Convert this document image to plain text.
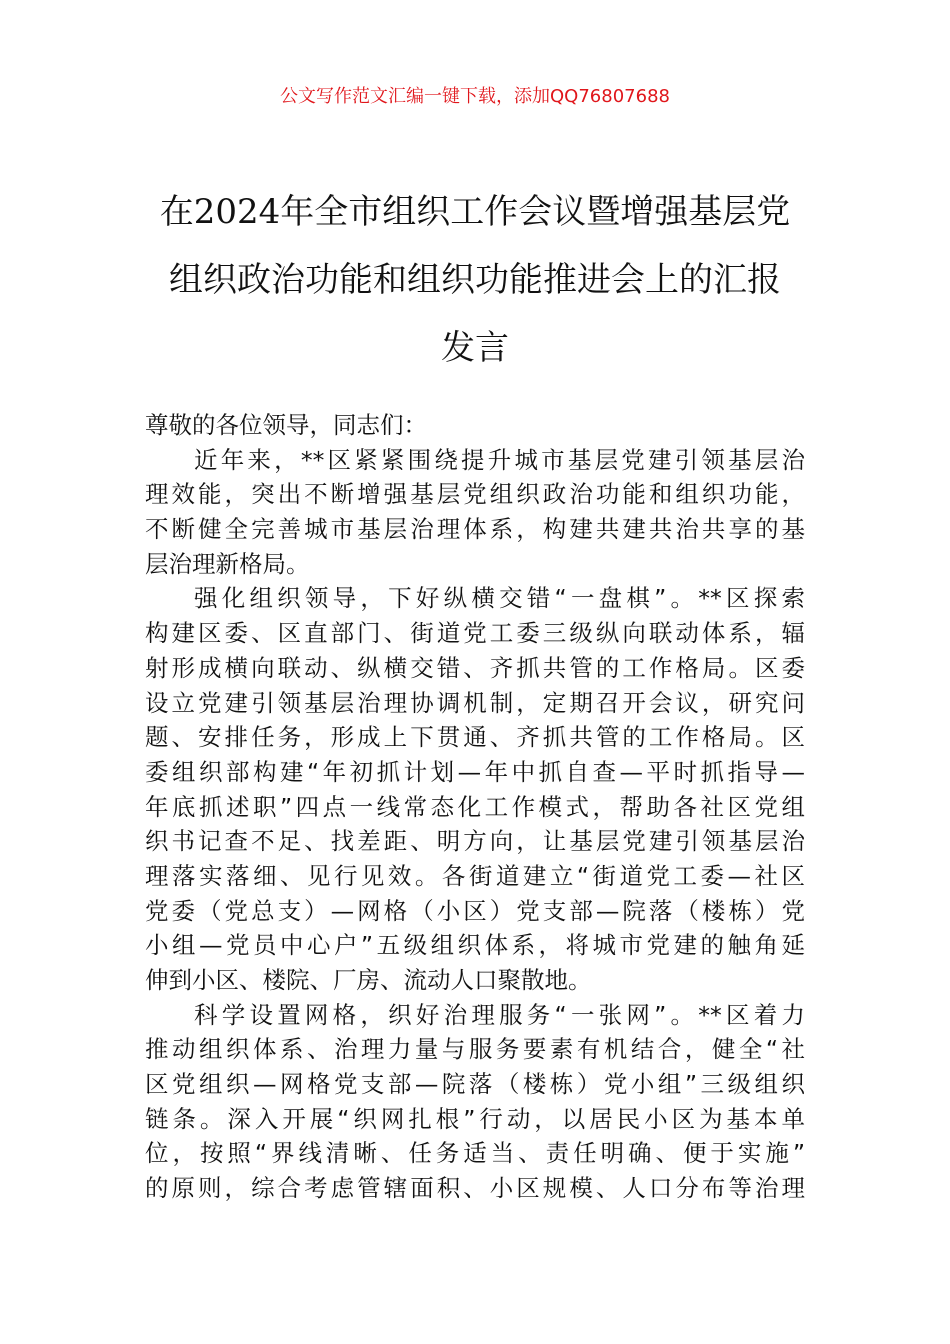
公文写作范文汇编一键下载，添加QQ76807688
在2024年全市组织工作会议暨增强基层党
组织政治功能和组织功能推进会上的汇报
发言
尊敬的各位领导，同志们：
近年来，**区紧紧围绕提升城市基层党建引领基层治
理效能，突出不断增强基层党组织政治功能和组织功能，
不断健全完善城市基层治理体系，构建共建共治共享的基
层治理新格局。
强化组织领导，下好纵横交错“一盘棋”。**区探索
构建区委、区直部门、街道党工委三级纵向联动体系，辐
射形成横向联动、纵横交错、齐抓共管的工作格局。区委
设立党建引领基层治理协调机制，定期召开会议，研究问
题、安排任务，形成上下贯通、齐抓共管的工作格局。区
委组织部构建“年初抓计划—年中抓自查—平时抓指导—
年底抓述职”四点一线常态化工作模式，帮助各社区党组
织书记查不足、找差距、明方向，让基层党建引领基层治
理落实落细、见行见效。各街道建立“街道党工委—社区
党委（党总支）—网格（小区）党支部—院落（楼栋）党
小组—党员中心户”五级组织体系，将城市党建的触角延
伸到小区、楼院、厂房、流动人口聚散地。
科学设置网格，织好治理服务“一张网”。**区着力
推动组织体系、治理力量与服务要素有机结合，健全“社
区党组织—网格党支部—院落（楼栋）党小组”三级组织
链条。深入开展“织网扎根”行动，以居民小区为基本单
位，按照“界线清晰、任务适当、责任明确、便于实施”
的原则，综合考虑管辖面积、小区规模、人口分布等治理
